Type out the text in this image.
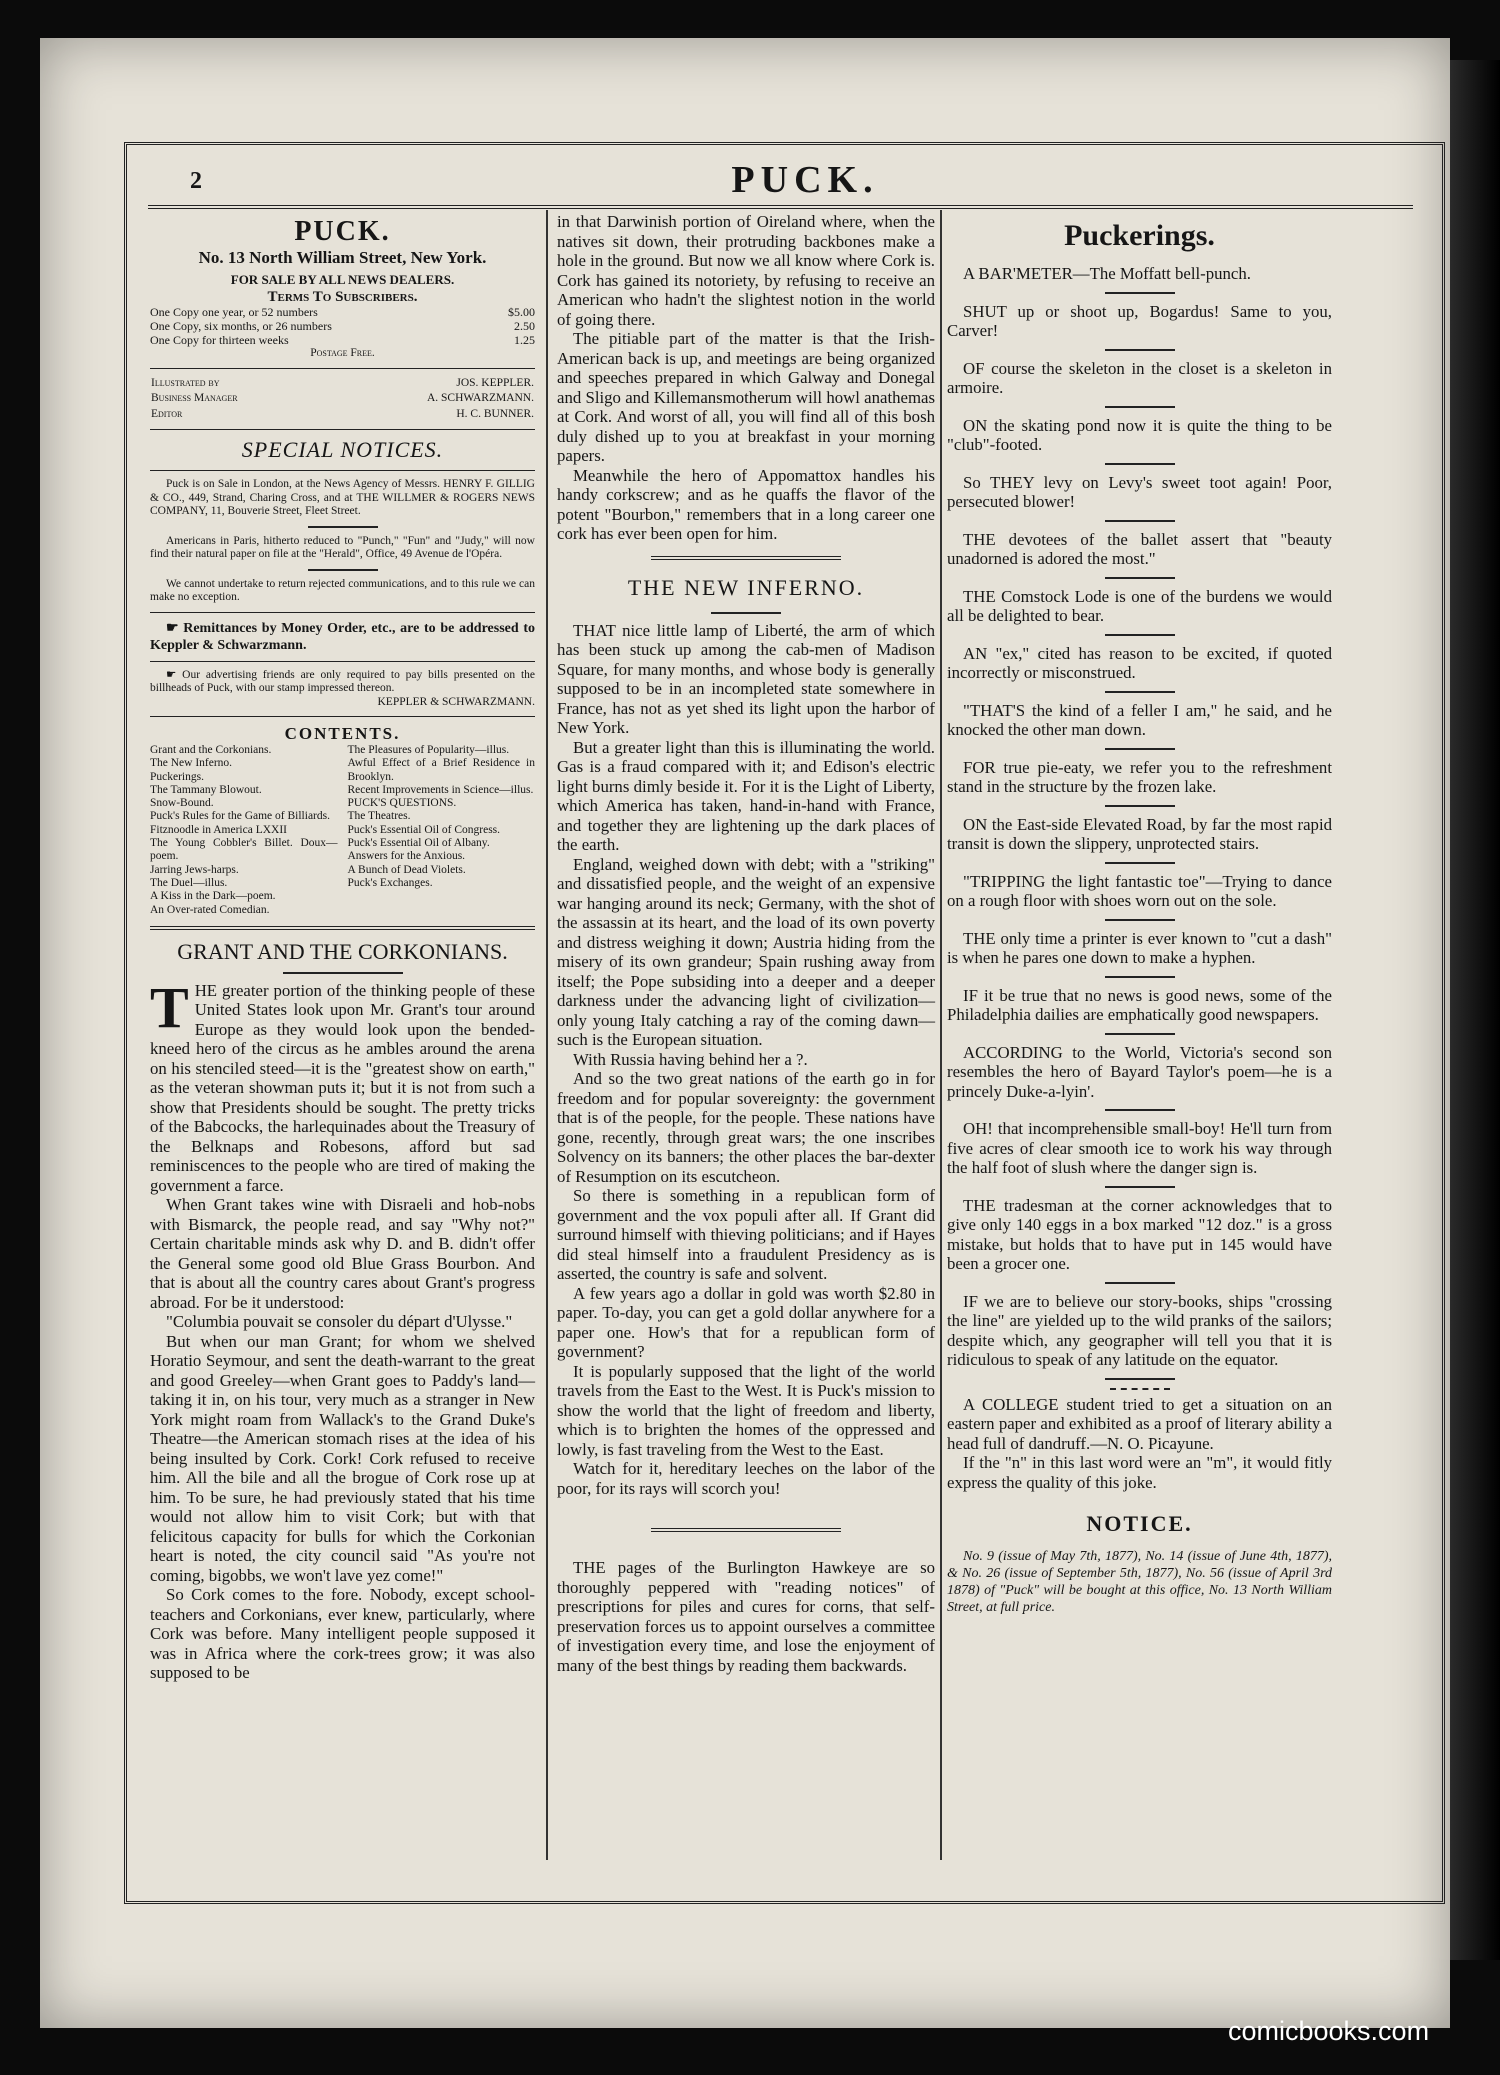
2	PUCK.
PUCK.
No. 13 North William Street, New York.
FOR SALE BY ALL NEWS DEALERS.
Terms To Subscribers.
One Copy one year, or 52 numbers	$5.00
One Copy, six months, or 26 numbers	2.50
One Copy for thirteen weeks	1.25
Postage Free.
Illustrated by	JOS. KEPPLER.
Business Manager	A. SCHWARZMANN.
Editor	H. C. BUNNER.
SPECIAL NOTICES.

Puck is on Sale in London, at the News Agency of Messrs. HENRY F. GILLIG & CO., 449, Strand, Charing Cross, and at THE WILLMER & ROGERS NEWS COMPANY, 11, Bouverie Street, Fleet Street.

Americans in Paris, hitherto reduced to "Punch," "Fun" and "Judy," will now find their natural paper on file at the "Herald", Office, 49 Avenue de l'Opéra.

We cannot undertake to return rejected communications, and to this rule we can make no exception.

☛ Remittances by Money Order, etc., are to be addressed to Keppler & Schwarzmann.

☛ Our advertising friends are only required to pay bills presented on the billheads of Puck, with our stamp impressed thereon.

KEPPLER & SCHWARZMANN.
CONTENTS.
Grant and the Corkonians.
The New Inferno.
Puckerings.
The Tammany Blowout.
Snow-Bound.
Puck's Rules for the Game of Billiards.
Fitznoodle in America LXXII
The Young Cobbler's Billet. Doux—poem.
Jarring Jews-harps.
The Duel—illus.
A Kiss in the Dark—poem.
An Over-rated Comedian.
The Pleasures of Popularity—illus.
Awful Effect of a Brief Residence in Brooklyn.
Recent Improvements in Science—illus.
PUCK'S QUESTIONS.
The Theatres.
Puck's Essential Oil of Congress.
Puck's Essential Oil of Albany.
Answers for the Anxious.
A Bunch of Dead Violets.
Puck's Exchanges.
GRANT AND THE CORKONIANS.

THE greater portion of the thinking people of these United States look upon Mr. Grant's tour around Europe as they would look upon the bended-kneed hero of the circus as he ambles around the arena on his stenciled steed—it is the "greatest show on earth," as the veteran showman puts it; but it is not from such a show that Presidents should be sought. The pretty tricks of the Babcocks, the harlequinades about the Treasury of the Belknaps and Robesons, afford but sad reminiscences to the people who are tired of making the government a farce.

When Grant takes wine with Disraeli and hob-nobs with Bismarck, the people read, and say "Why not?" Certain charitable minds ask why D. and B. didn't offer the General some good old Blue Grass Bourbon. And that is about all the country cares about Grant's progress abroad. For be it understood:

"Columbia pouvait se consoler du départ d'Ulysse."

But when our man Grant; for whom we shelved Horatio Seymour, and sent the death-warrant to the great and good Greeley—when Grant goes to Paddy's land—taking it in, on his tour, very much as a stranger in New York might roam from Wallack's to the Grand Duke's Theatre—the American stomach rises at the idea of his being insulted by Cork. Cork! Cork refused to receive him. All the bile and all the brogue of Cork rose up at him. To be sure, he had previously stated that his time would not allow him to visit Cork; but with that felicitous capacity for bulls for which the Corkonian heart is noted, the city council said "As you're not coming, bigobbs, we won't lave yez come!"

So Cork comes to the fore. Nobody, except school-teachers and Corkonians, ever knew, particularly, where Cork was before. Many intelligent people supposed it was in Africa where the cork-trees grow; it was also supposed to be

in that Darwinish portion of Oireland where, when the natives sit down, their protruding backbones make a hole in the ground. But now we all know where Cork is. Cork has gained its notoriety, by refusing to receive an American who hadn't the slightest notion in the world of going there.

The pitiable part of the matter is that the Irish-American back is up, and meetings are being organized and speeches prepared in which Galway and Donegal and Sligo and Killemansmotherum will howl anathemas at Cork. And worst of all, you will find all of this bosh duly dished up to you at breakfast in your morning papers.

Meanwhile the hero of Appomattox handles his handy corkscrew; and as he quaffs the flavor of the potent "Bourbon," remembers that in a long career one cork has ever been open for him.

THE NEW INFERNO.

THAT nice little lamp of Liberté, the arm of which has been stuck up among the cab-men of Madison Square, for many months, and whose body is generally supposed to be in an incompleted state somewhere in France, has not as yet shed its light upon the harbor of New York.

But a greater light than this is illuminating the world. Gas is a fraud compared with it; and Edison's electric light burns dimly beside it. For it is the Light of Liberty, which America has taken, hand-in-hand with France, and together they are lightening up the dark places of the earth.

England, weighed down with debt; with a "striking" and dissatisfied people, and the weight of an expensive war hanging around its neck; Germany, with the shot of the assassin at its heart, and the load of its own poverty and distress weighing it down; Austria hiding from the misery of its own grandeur; Spain rushing away from itself; the Pope subsiding into a deeper and a deeper darkness under the advancing light of civilization—only young Italy catching a ray of the coming dawn—such is the European situation.

With Russia having behind her a ?.

And so the two great nations of the earth go in for freedom and for popular sovereignty: the government that is of the people, for the people. These nations have gone, recently, through great wars; the one inscribes Solvency on its banners; the other places the bar-dexter of Resumption on its escutcheon.

So there is something in a republican form of government and the vox populi after all. If Grant did surround himself with thieving politicians; and if Hayes did steal himself into a fraudulent Presidency as is asserted, the country is safe and solvent.

A few years ago a dollar in gold was worth $2.80 in paper. To-day, you can get a gold dollar anywhere for a paper one. How's that for a republican form of government?

It is popularly supposed that the light of the world travels from the East to the West. It is Puck's mission to show the world that the light of freedom and liberty, which is to brighten the homes of the oppressed and lowly, is fast traveling from the West to the East.

Watch for it, hereditary leeches on the labor of the poor, for its rays will scorch you!

THE pages of the Burlington Hawkeye are so thoroughly peppered with "reading notices" of prescriptions for piles and cures for corns, that self-preservation forces us to appoint ourselves a committee of investigation every time, and lose the enjoyment of many of the best things by reading them backwards.

Puckerings.

A BAR'METER—The Moffatt bell-punch.

SHUT up or shoot up, Bogardus! Same to you, Carver!

OF course the skeleton in the closet is a skeleton in armoire.

ON the skating pond now it is quite the thing to be "club"-footed.

So THEY levy on Levy's sweet toot again! Poor, persecuted blower!

THE devotees of the ballet assert that "beauty unadorned is adored the most."

THE Comstock Lode is one of the burdens we would all be delighted to bear.

AN "ex," cited has reason to be excited, if quoted incorrectly or misconstrued.

"THAT'S the kind of a feller I am," he said, and he knocked the other man down.

FOR true pie-eaty, we refer you to the refreshment stand in the structure by the frozen lake.

ON the East-side Elevated Road, by far the most rapid transit is down the slippery, unprotected stairs.

"TRIPPING the light fantastic toe"—Trying to dance on a rough floor with shoes worn out on the sole.

THE only time a printer is ever known to "cut a dash" is when he pares one down to make a hyphen.

IF it be true that no news is good news, some of the Philadelphia dailies are emphatically good newspapers.

ACCORDING to the World, Victoria's second son resembles the hero of Bayard Taylor's poem—he is a princely Duke-a-lyin'.

OH! that incomprehensible small-boy! He'll turn from five acres of clear smooth ice to work his way through the half foot of slush where the danger sign is.

THE tradesman at the corner acknowledges that to give only 140 eggs in a box marked "12 doz." is a gross mistake, but holds that to have put in 145 would have been a grocer one.

IF we are to believe our story-books, ships "crossing the line" are yielded up to the wild pranks of the sailors; despite which, any geographer will tell you that it is ridiculous to speak of any latitude on the equator.

A COLLEGE student tried to get a situation on an eastern paper and exhibited as a proof of literary ability a head full of dandruff.—N. O. Picayune.

If the "n" in this last word were an "m", it would fitly express the quality of this joke.

NOTICE.

No. 9 (issue of May 7th, 1877), No. 14 (issue of June 4th, 1877), & No. 26 (issue of September 5th, 1877), No. 56 (issue of April 3rd 1878) of "Puck" will be bought at this office, No. 13 North William Street, at full price.

comicbooks.com
